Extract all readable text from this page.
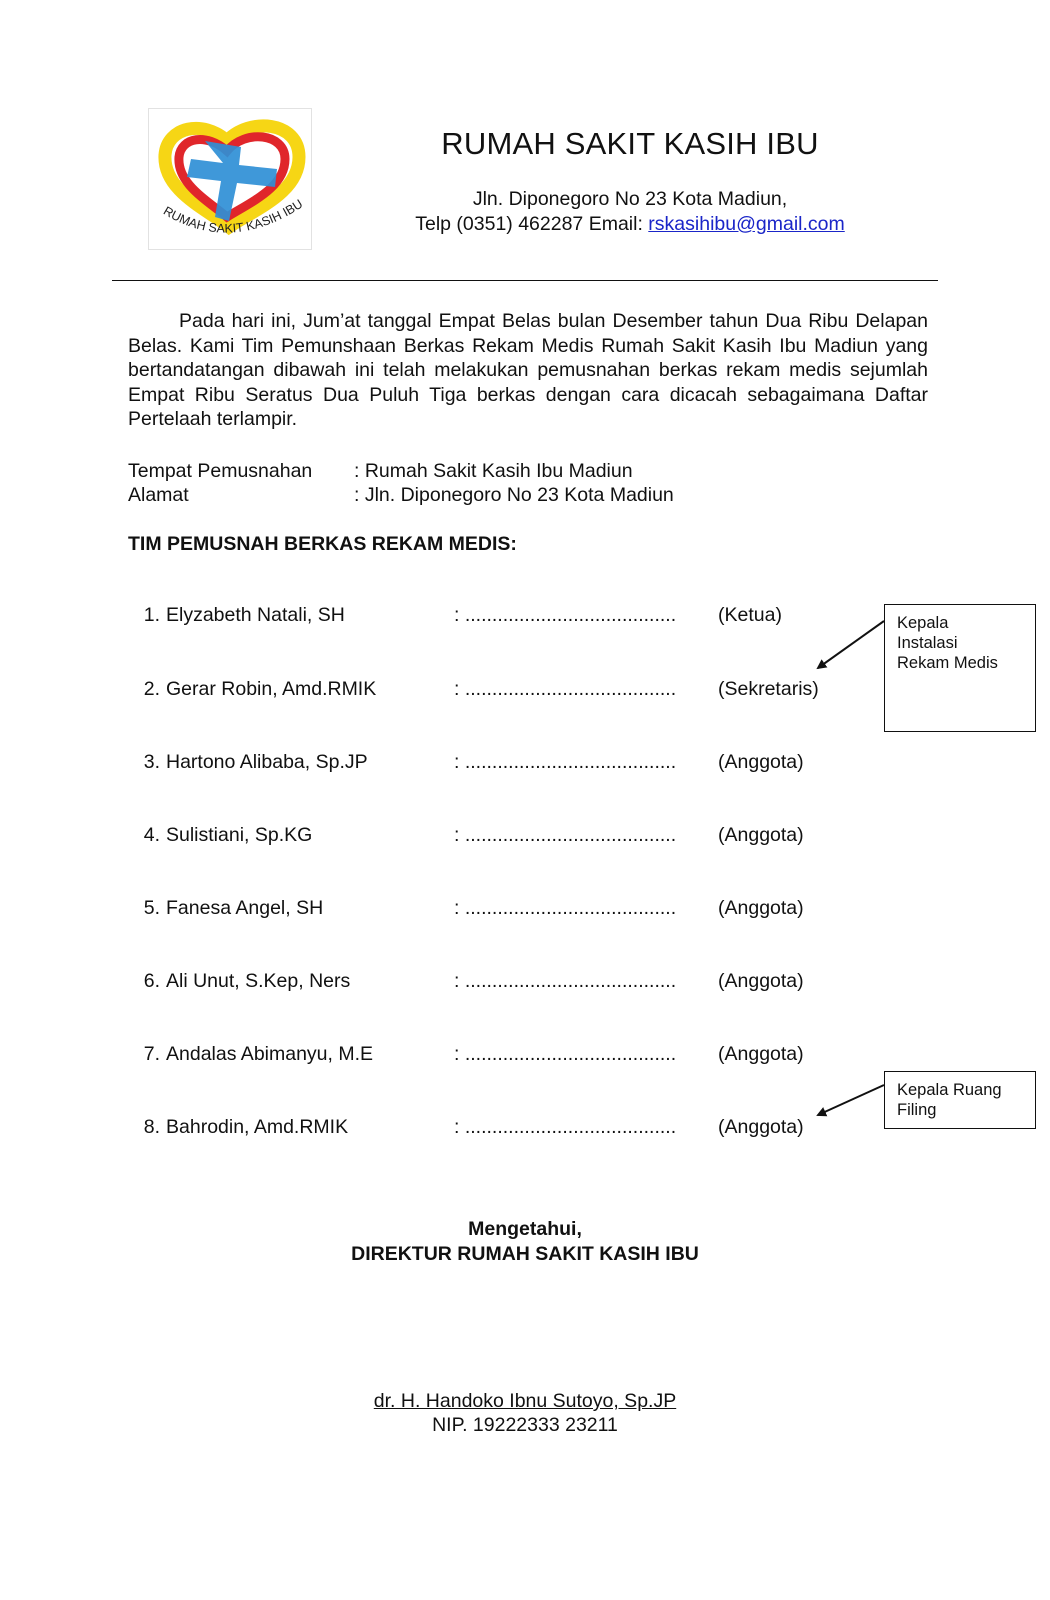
RUMAH SAKIT KASIH IBU
RUMAH SAKIT KASIH IBU
Jln. Diponegoro No 23 Kota Madiun,
Telp (0351) 462287 Email: rskasihibu@gmail.com
Pada hari ini, Jum’at tanggal Empat Belas bulan Desember tahun Dua Ribu Delapan Belas. Kami Tim Pemunshaan Berkas Rekam Medis Rumah Sakit Kasih Ibu Madiun yang bertandatangan dibawah ini telah melakukan pemusnahan berkas rekam medis sejumlah Empat Ribu Seratus Dua Puluh Tiga berkas dengan cara dicacah sebagaimana Daftar Pertelaah terlampir.
Tempat Pemusnahan : Rumah Sakit Kasih Ibu Madiun
Alamat	: Jln. Diponegoro No 23 Kota Madiun
TIM PEMUSNAH BERKAS REKAM MEDIS:
1. Elyzabeth Natali, SH	: ....................................... (Ketua)
2. Gerar Robin, Amd.RMIK	: ....................................... (Sekretaris)
3. Hartono Alibaba, Sp.JP	: ....................................... (Anggota)
4. Sulistiani, Sp.KG	: ....................................... (Anggota)
5. Fanesa Angel, SH	: ....................................... (Anggota)
6. Ali Unut, S.Kep, Ners	: ....................................... (Anggota)
7. Andalas Abimanyu, M.E	: ....................................... (Anggota)
8. Bahrodin, Amd.RMIK	: ....................................... (Anggota)
Kepala
Instalasi
Rekam Medis
Kepala Ruang
Filing
Mengetahui,
DIREKTUR RUMAH SAKIT KASIH IBU
dr. H. Handoko Ibnu Sutoyo, Sp.JP
NIP. 19222333 23211
